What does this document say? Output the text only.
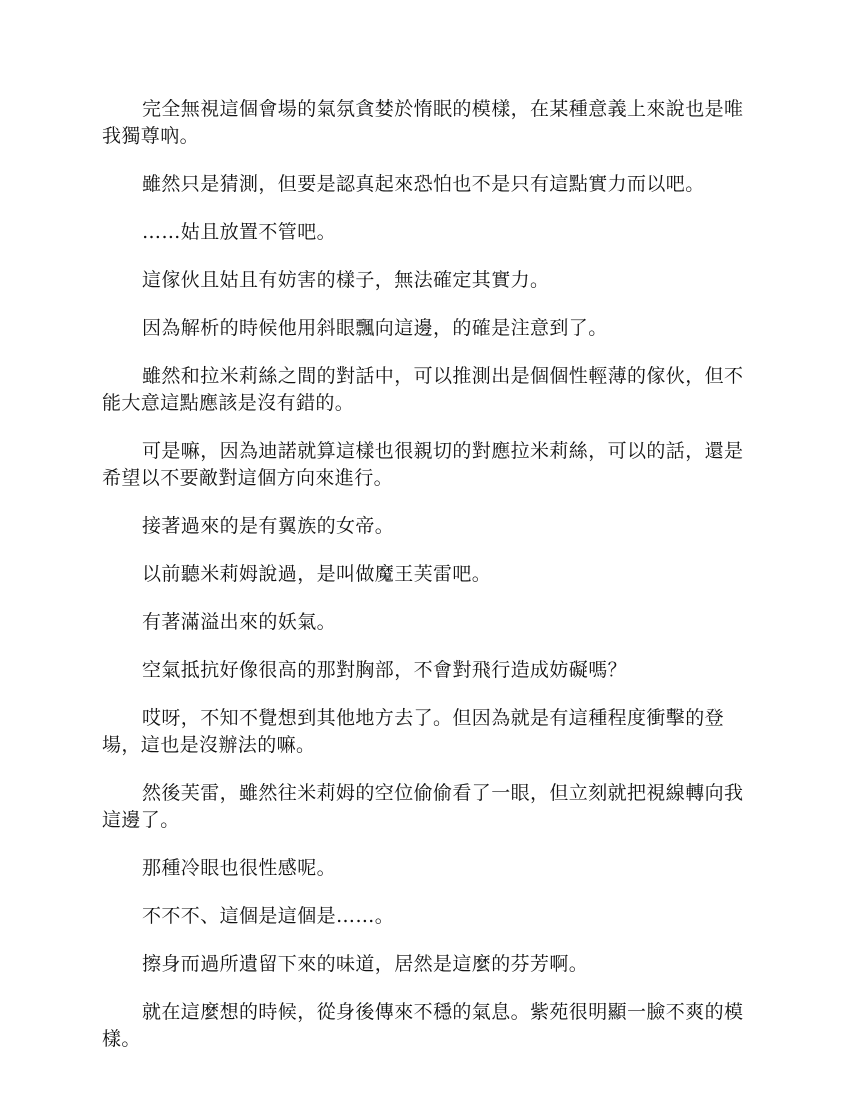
完全無視這個會場的氣氛貪婪於惰眠的模樣，在某種意義上來說也是唯我獨尊吶。

雖然只是猜測，但要是認真起來恐怕也不是只有這點實力而以吧。

……姑且放置不管吧。

這傢伙且姑且有妨害的樣子，無法確定其實力。

因為解析的時候他用斜眼飄向這邊，的確是注意到了。

雖然和拉米莉絲之間的對話中，可以推測出是個個性輕薄的傢伙，但不能大意這點應該是沒有錯的。

可是嘛，因為迪諾就算這樣也很親切的對應拉米莉絲，可以的話，還是希望以不要敵對這個方向來進行。

接著過來的是有翼族的女帝。

以前聽米莉姆說過，是叫做魔王芙雷吧。

有著滿溢出來的妖氣。

空氣抵抗好像很高的那對胸部，不會對飛行造成妨礙嗎？

哎呀，不知不覺想到其他地方去了。但因為就是有這種程度衝擊的登場，這也是沒辦法的嘛。

然後芙雷，雖然往米莉姆的空位偷偷看了一眼，但立刻就把視線轉向我這邊了。

那種冷眼也很性感呢。

不不不、這個是這個是……。

擦身而過所遺留下來的味道，居然是這麼的芬芳啊。

就在這麼想的時候，從身後傳來不穩的氣息。紫苑很明顯一臉不爽的模樣。
